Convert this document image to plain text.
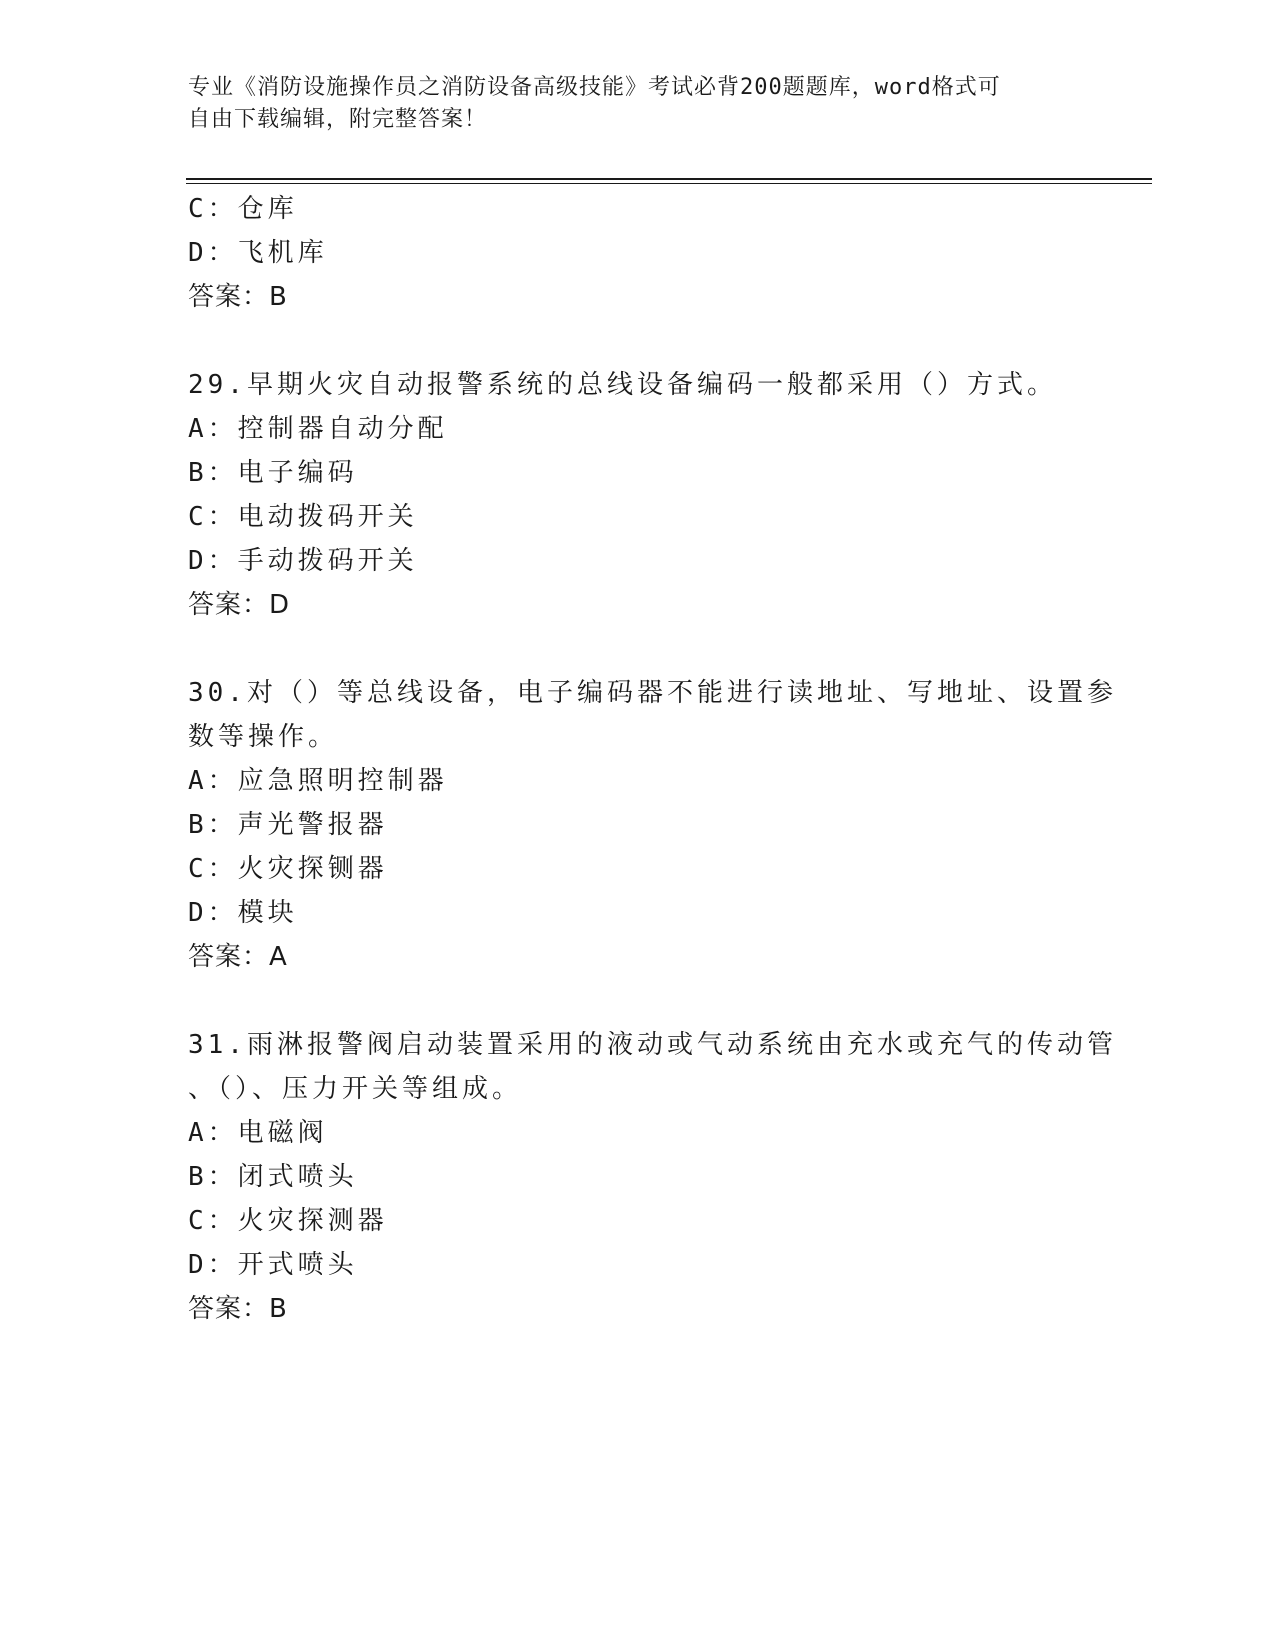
专业《消防设施操作员之消防设备高级技能》考试必背200题题库，word格式可
自由下载编辑，附完整答案！
C：仓库
D：飞机库
答案：B
29.早期火灾自动报警系统的总线设备编码一般都采用（）方式。
A：控制器自动分配
B：电子编码
C：电动拨码开关
D：手动拨码开关
答案：D
30.对（）等总线设备，电子编码器不能进行读地址、写地址、设置参
数等操作。
A：应急照明控制器
B：声光警报器
C：火灾探铡器
D：模块
答案：A
31.雨淋报警阀启动装置采用的液动或气动系统由充水或充气的传动管
、（）、压力开关等组成。
A：电磁阀
B：闭式喷头
C：火灾探测器
D：开式喷头
答案：B
